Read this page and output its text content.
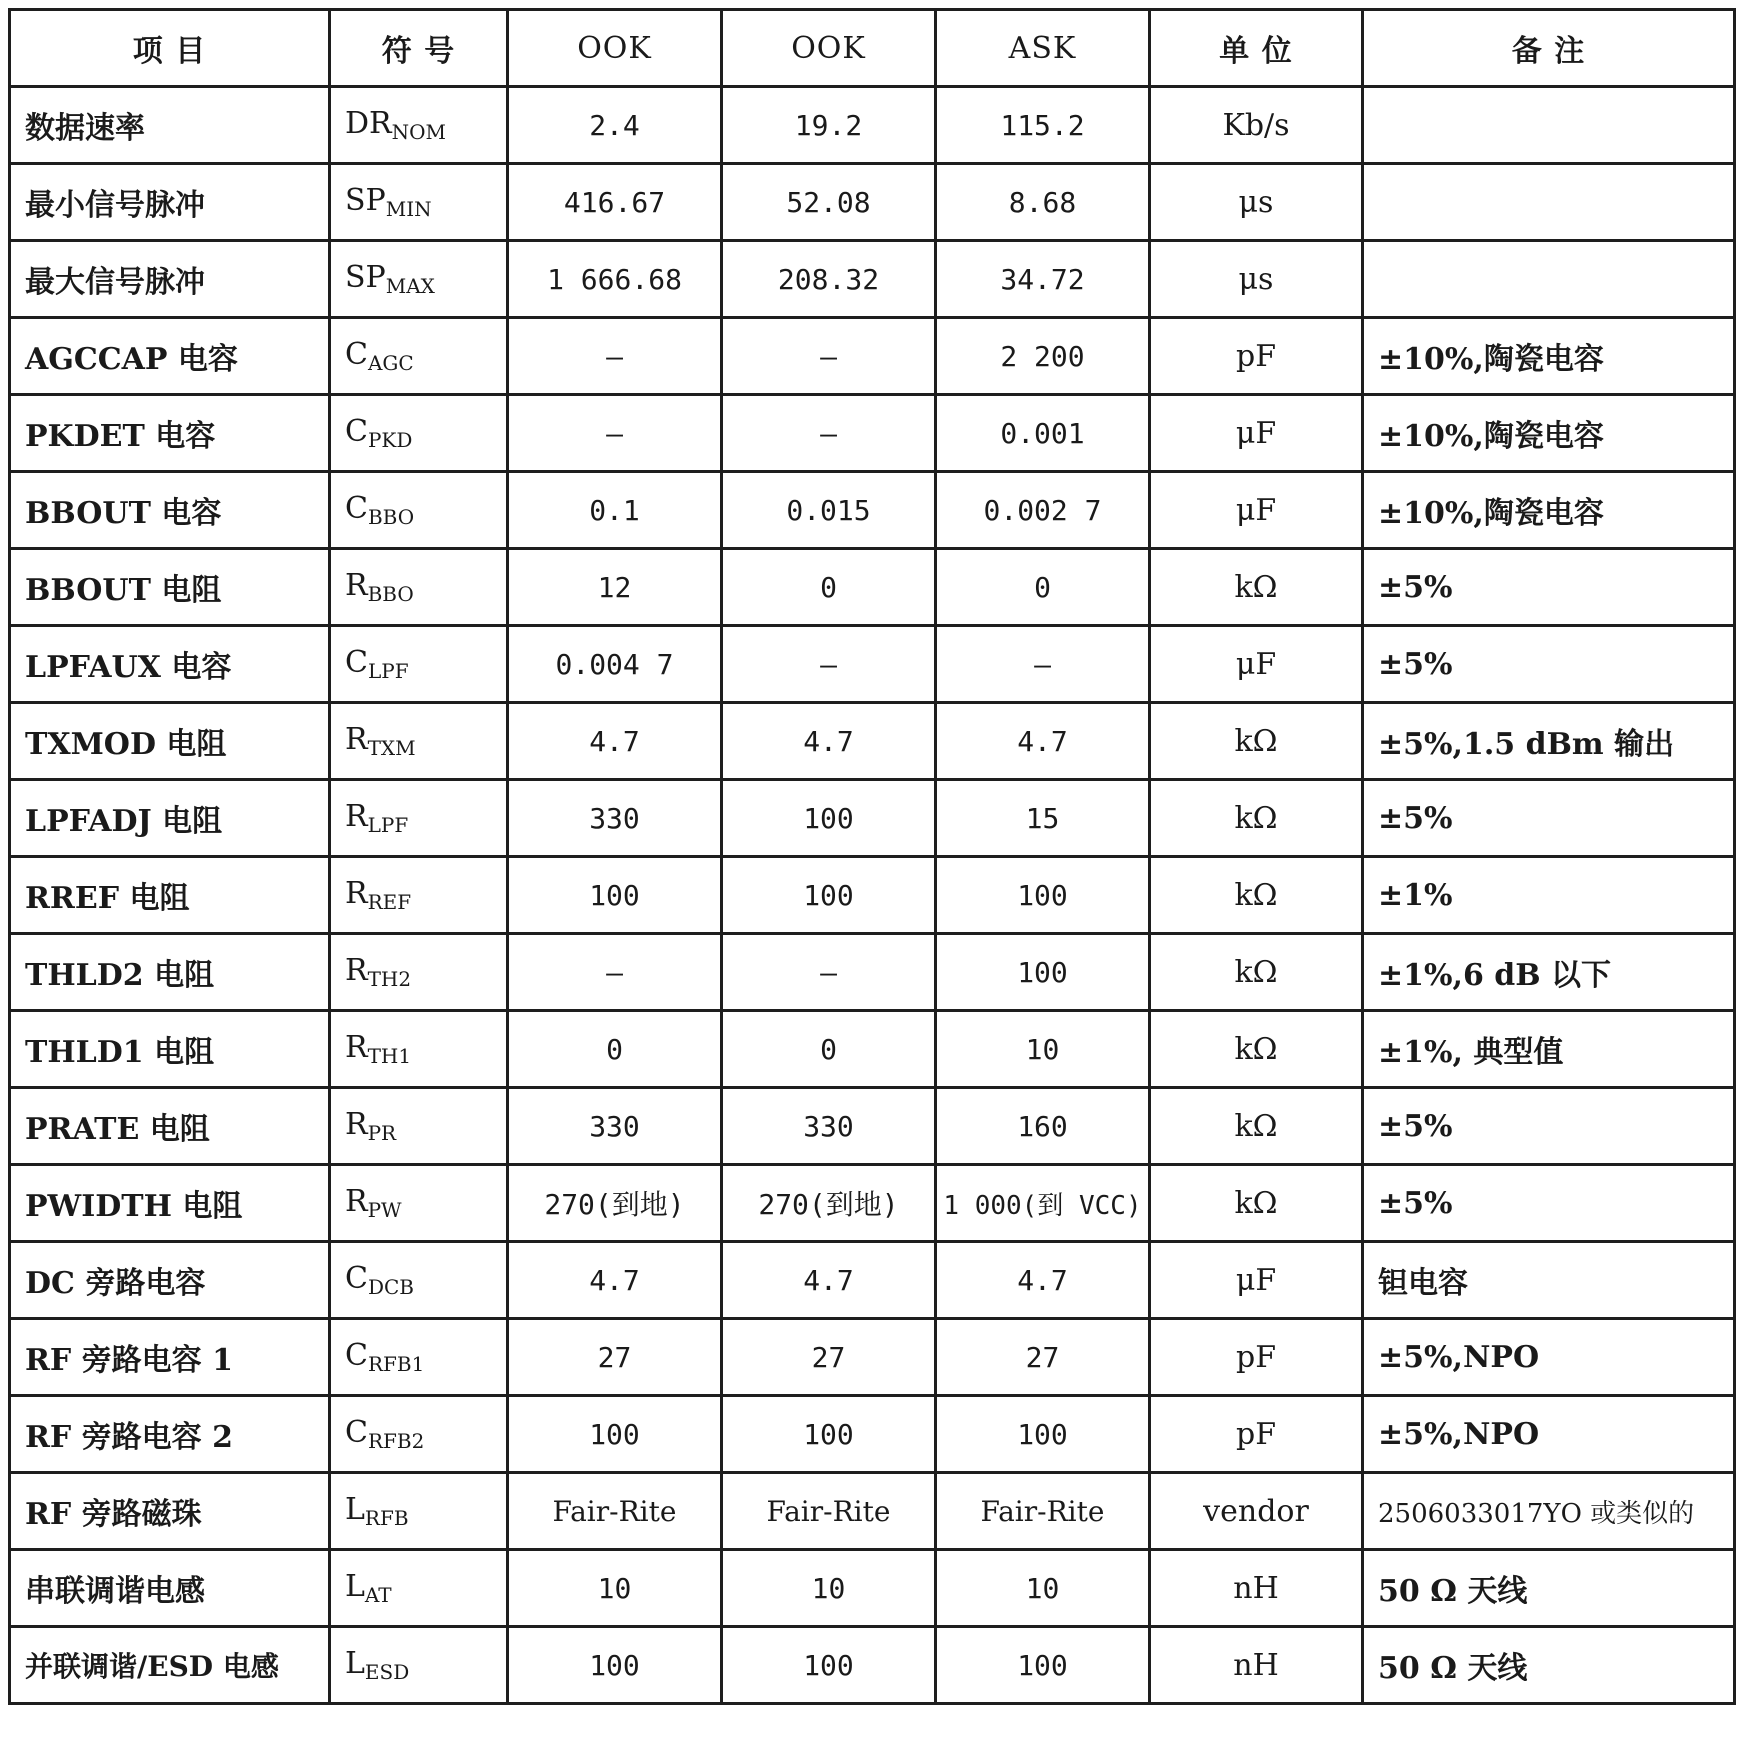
项 目	符 号	OOK	OOK	ASK	单 位	备 注
数据速率	$DR_{NOM}$	2.4	19.2	115.2	Kb/s	
最小信号脉冲	$SP_{MIN}$	416.67	52.08	8.68	μs	
最大信号脉冲	$SP_{MAX}$	1 666.68	208.32	34.72	μs	
AGCCAP 电容	$C_{AGC}$	—	—	2 200	pF	±10%,陶瓷电容
PKDET 电容	$C_{PKD}$	—	—	0.001	μF	±10%,陶瓷电容
BBOUT 电容	$C_{BBO}$	0.1	0.015	0.002 7	μF	±10%,陶瓷电容
BBOUT 电阻	$R_{BBO}$	12	0	0	kΩ	±5%
LPFAUX 电容	$C_{LPF}$	0.004 7	—	—	μF	±5%
TXMOD 电阻	$R_{TXM}$	4.7	4.7	4.7	kΩ	±5%,1.5 dBm 输出
LPFADJ 电阻	$R_{LPF}$	330	100	15	kΩ	±5%
RREF 电阻	$R_{REF}$	100	100	100	kΩ	±1%
THLD2 电阻	$R_{TH2}$	—	—	100	kΩ	±1%,6 dB 以下
THLD1 电阻	$R_{TH1}$	0	0	10	kΩ	±1%, 典型值
PRATE 电阻	$R_{PR}$	330	330	160	kΩ	±5%
PWIDTH 电阻	$R_{PW}$	270(到地)	270(到地)	1 000(到 VCC)	kΩ	±5%
DC 旁路电容	$C_{DCB}$	4.7	4.7	4.7	μF	钽电容
RF 旁路电容 1	$C_{RFB1}$	27	27	27	pF	±5%,NPO
RF 旁路电容 2	$C_{RFB2}$	100	100	100	pF	±5%,NPO
RF 旁路磁珠	$L_{RFB}$	Fair-Rite	Fair-Rite	Fair-Rite	vendor	2506033017YO 或类似的
串联调谐电感	$L_{AT}$	10	10	10	nH	50 Ω 天线
并联调谐/ESD 电感	$L_{ESD}$	100	100	100	nH	50 Ω 天线
